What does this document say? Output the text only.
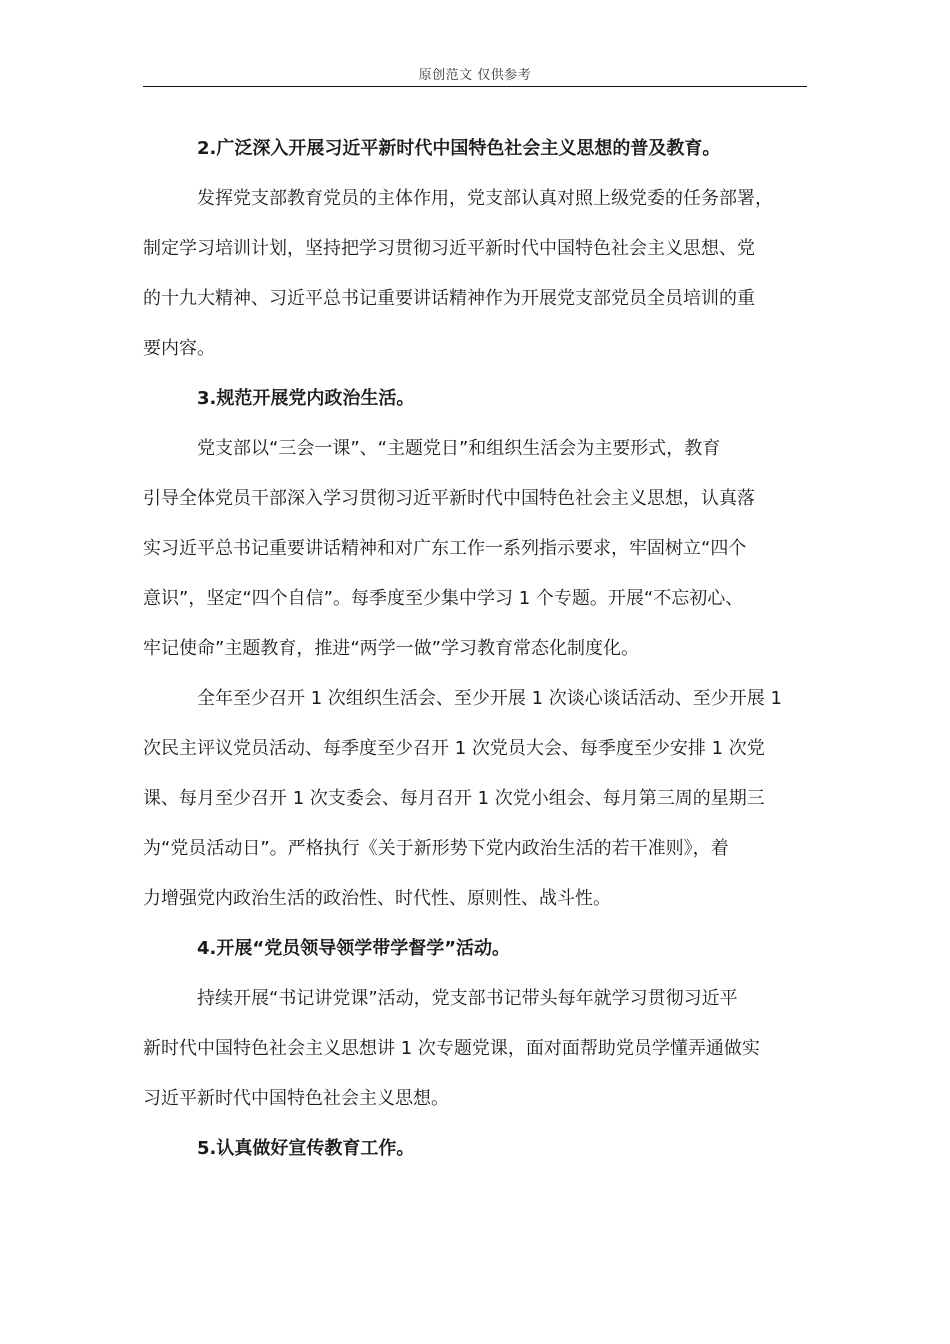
原创范文 仅供参考
2.广泛深入开展习近平新时代中国特色社会主义思想的普及教育。
发挥党支部教育党员的主体作用，党支部认真对照上级党委的任务部署，
制定学习培训计划，坚持把学习贯彻习近平新时代中国特色社会主义思想、党
的十九大精神、习近平总书记重要讲话精神作为开展党支部党员全员培训的重
要内容。
3.规范开展党内政治生活。
党支部以“三会一课”、“主题党日”和组织生活会为主要形式，教育
引导全体党员干部深入学习贯彻习近平新时代中国特色社会主义思想，认真落
实习近平总书记重要讲话精神和对广东工作一系列指示要求，牢固树立“四个
意识”，坚定“四个自信”。每季度至少集中学习 1 个专题。开展“不忘初心、
牢记使命”主题教育，推进“两学一做”学习教育常态化制度化。
全年至少召开 1 次组织生活会、至少开展 1 次谈心谈话活动、至少开展 1
次民主评议党员活动、每季度至少召开 1 次党员大会、每季度至少安排 1 次党
课、每月至少召开 1 次支委会、每月召开 1 次党小组会、每月第三周的星期三
为“党员活动日”。严格执行《关于新形势下党内政治生活的若干准则》，着
力增强党内政治生活的政治性、时代性、原则性、战斗性。
4.开展“党员领导领学带学督学”活动。
持续开展“书记讲党课”活动，党支部书记带头每年就学习贯彻习近平
新时代中国特色社会主义思想讲 1 次专题党课，面对面帮助党员学懂弄通做实
习近平新时代中国特色社会主义思想。
5.认真做好宣传教育工作。
